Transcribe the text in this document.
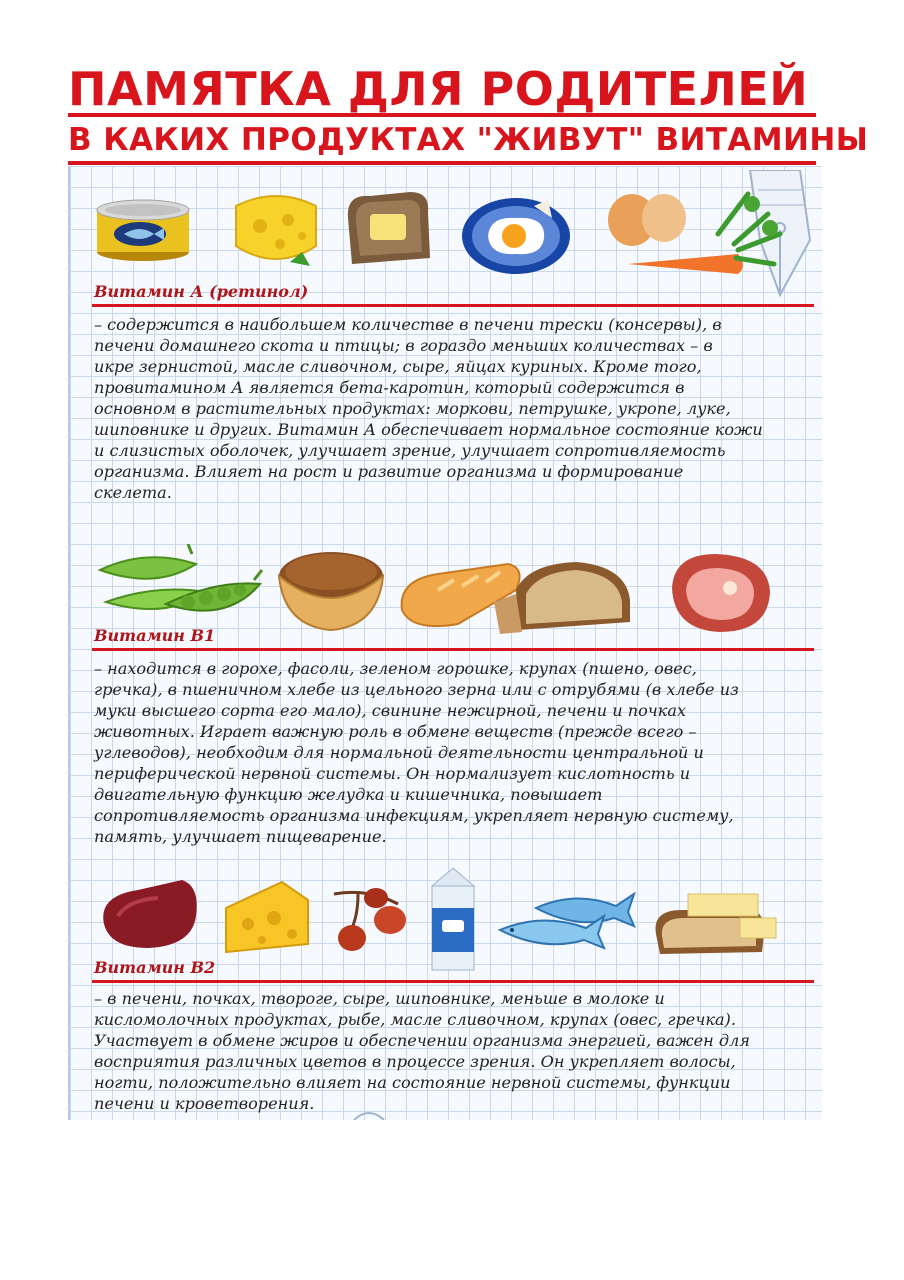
ПАМЯТКА ДЛЯ РОДИТЕЛЕЙ
В КАКИХ ПРОДУКТАХ "ЖИВУТ" ВИТАМИНЫ
Витамин А (ретинол)

– содержится в наибольшем количестве в печени трески (консервы), в
печени домашнего скота и птицы; в гораздо меньших количествах – в
икре зернистой, масле сливочном, сыре, яйцах куриных. Кроме того,
провитамином А является бета-каротин, который содержится в
основном в растительных продуктах: моркови, петрушке, укропе, луке,
шиповнике и других. Витамин А обеспечивает нормальное состояние кожи
и слизистых оболочек, улучшает зрение, улучшает сопротивляемость
организма. Влияет на рост и развитие организма и формирование
скелета.

Витамин В1

– находится в горохе, фасоли, зеленом горошке, крупах (пшено, овес,
гречка), в пшеничном хлебе из цельного зерна или с отрубями (в хлебе из
муки высшего сорта его мало), свинине нежирной, печени и почках
животных. Играет важную роль в обмене веществ (прежде всего –
углеводов), необходим для нормальной деятельности центральной и
периферической нервной системы. Он нормализует кислотность и
двигательную функцию желудка и кишечника, повышает
сопротивляемость организма инфекциям, укрепляет нервную систему,
память, улучшает пищеварение.

Витамин В2

– в печени, почках, твороге, сыре, шиповнике, меньше в молоке и
кисломолочных продуктах, рыбе, масле сливочном, крупах (овес, гречка).
Участвует в обмене жиров и обеспечении организма энергией, важен для
восприятия различных цветов в процессе зрения. Он укрепляет волосы,
ногти, положительно влияет на состояние нервной системы, функции
печени и кроветворения.
